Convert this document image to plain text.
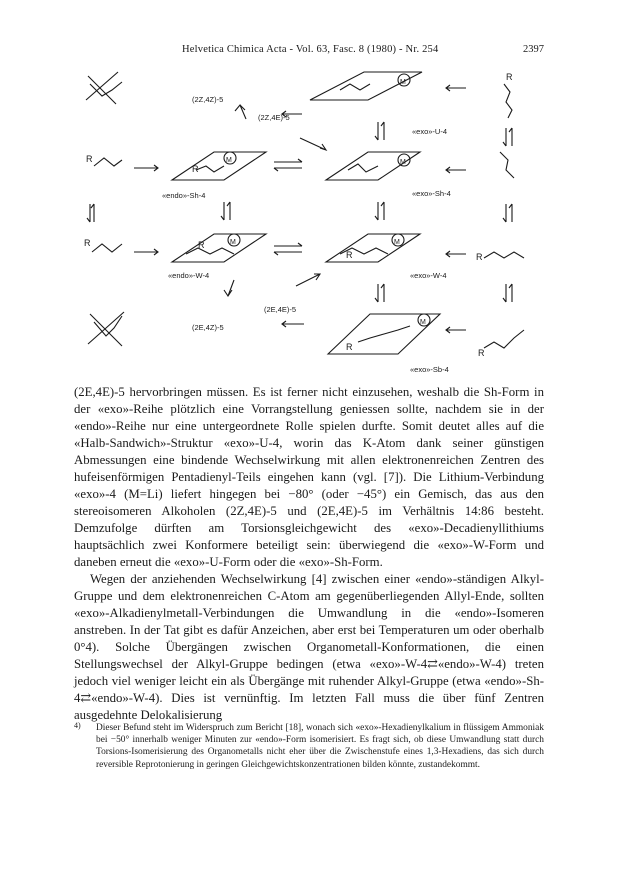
Helvetica Chimica Acta - Vol. 63, Fasc. 8 (1980) - Nr. 254	2397
(2Z,4Z)-5
(2Z,4E)-5
«exo»-U-4
«endo»-Sh-4	«exo»-Sh-4
«endo»-W-4	«exo»-W-4
(2E,4E)-5
(2E,4Z)-5
«exo»-Sb-4
M
M	M
M	M
M
R
R
R
R	R
R	R
R
R

(2E,4E)-5 hervorbringen müssen. Es ist ferner nicht einzusehen, weshalb die Sh-Form in der «exo»-Reihe plötzlich eine Vorrangstellung geniessen sollte, nachdem sie in der «endo»-Reihe nur eine untergeordnete Rolle spielen durfte. Somit deutet alles auf die «Halb-Sandwich»-Struktur «exo»-U-4, worin das K-Atom dank seiner günstigen Abmessungen eine bindende Wechselwirkung mit allen elektronenreichen Zentren des hufeisenförmigen Pentadienyl-Teils eingehen kann (vgl. [7]). Die Lithium-Verbindung «exo»-4 (M=Li) liefert hingegen bei −80° (oder −45°) ein Gemisch, das aus den stereoisomeren Alkoholen (2Z,4E)-5 und (2E,4E)-5 im Verhältnis 14:86 besteht. Demzufolge dürften am Torsionsgleichgewicht des «exo»-Decadienyllithiums hauptsächlich zwei Konformere beteiligt sein: überwiegend die «exo»-W-Form und daneben erneut die «exo»-U-Form oder die «exo»-Sh-Form.

Wegen der anziehenden Wechselwirkung [4] zwischen einer «endo»-ständigen Alkyl-Gruppe und dem elektronenreichen C-Atom am gegenüberliegenden Allyl-Ende, sollten «exo»-Alkadienylmetall-Verbindungen die Umwandlung in die «endo»-Isomeren anstreben. In der Tat gibt es dafür Anzeichen, aber erst bei Temperaturen um oder oberhalb 0°4). Solche Übergängen zwischen Organometall-Konformationen, die einen Stellungswechsel der Alkyl-Gruppe bedingen (etwa «exo»-W-4⇄«endo»-W-4) treten jedoch viel weniger leicht ein als Übergänge mit ruhender Alkyl-Gruppe (etwa «endo»-Sh-4⇄«endo»-W-4). Dies ist vernünftig. Im letzten Fall muss die über fünf Zentren ausgedehnte Delokalisierung

4) Dieser Befund steht im Widerspruch zum Bericht [18], wonach sich «exo»-Hexadienylkalium in flüssigem Ammoniak bei −50° innerhalb weniger Minuten zur «endo»-Form isomerisiert. Es fragt sich, ob diese Umwandlung statt durch Torsions-Isomerisierung des Organometalls nicht eher über die Zwischenstufe eines 1,3-Hexadiens, das sich durch reversible Reprotonierung in geringen Gleichgewichtskonzentrationen bilden könnte, zustandekommt.
